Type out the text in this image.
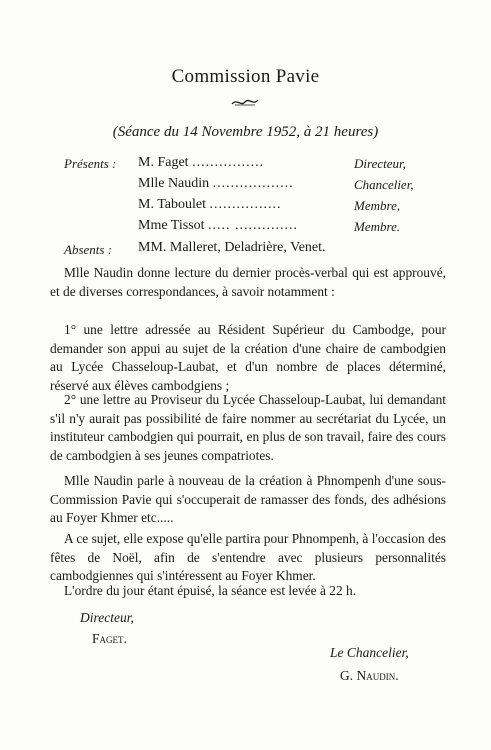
Commission Pavie
(Séance du 14 Novembre 1952, à 21 heures)
Présents : M. Faget ................	Directeur,
Mlle Naudin ..................	Chancelier,
M. Taboulet ................	Membre,
Mme Tissot ..... ..............	Membre.
Absents : MM. Malleret, Deladrière, Venet.
Mlle Naudin donne lecture du dernier procès-verbal qui est approuvé, et de diverses correspondances, à savoir notamment :
1° une lettre adressée au Résident Supérieur du Cambodge, pour demander son appui au sujet de la création d'une chaire de cambodgien au Lycée Chasseloup-Laubat, et d'un nombre de places déterminé, réservé aux élèves cambodgiens ;
2° une lettre au Proviseur du Lycée Chasseloup-Laubat, lui demandant s'il n'y aurait pas possibilité de faire nommer au secrétariat du Lycée, un instituteur cambodgien qui pourrait, en plus de son travail, faire des cours de cambodgien à ses jeunes compatriotes.
Mlle Naudin parle à nouveau de la création à Phnompenh d'une sous-Commission Pavie qui s'occuperait de ramasser des fonds, des adhésions au Foyer Khmer etc.....
A ce sujet, elle expose qu'elle partira pour Phnompenh, à l'occasion des fêtes de Noël, afin de s'entendre avec plusieurs personnalités cambodgiennes qui s'intéressent au Foyer Khmer.
L'ordre du jour étant épuisé, la séance est levée à 22 h.
Directeur,
Faget.
Le Chancelier,
G. Naudin.
